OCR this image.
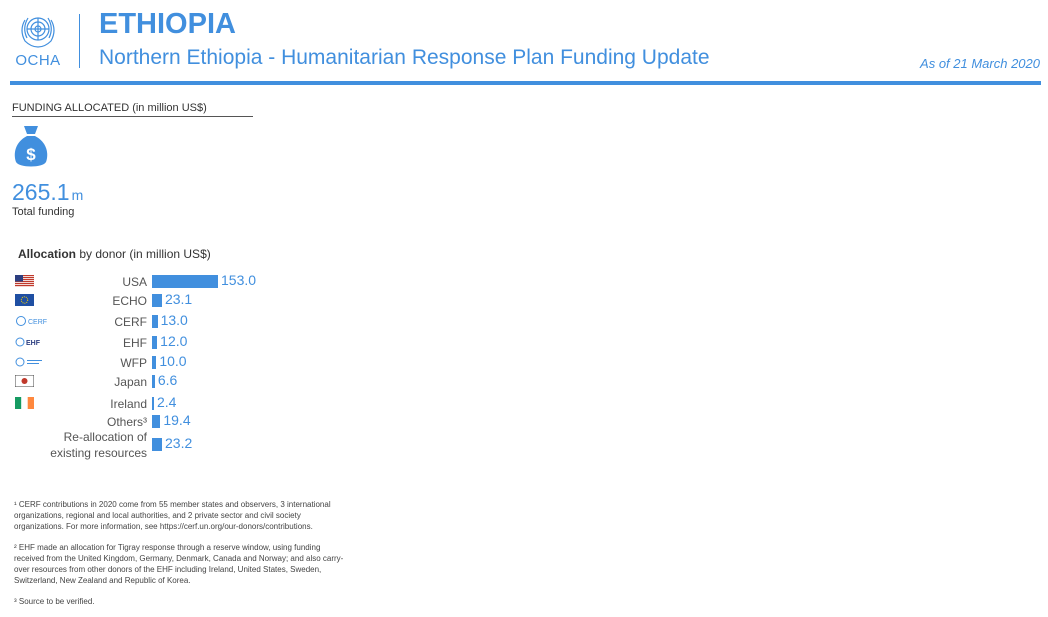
OCHA
ETHIOPIA
Northern Ethiopia - Humanitarian Response Plan Funding Update	As of 21 March 2020
FUNDING ALLOCATED (in million US$)
$
265.1 m
Total funding
Allocation by donor (in million US$)
USA	153.0
ECHO 23.1
CERF	CERF 13.0
EHF	EHF 12.0
WFP 10.0
Japan 6.6
Ireland 2.4
Others³ 19.4
Re-allocation of
existing resources
23.2

¹ CERF contributions in 2020 come from 55 member states and observers, 3 international organizations, regional and local authorities, and 2 private sector and civil society organizations. For more information, see https://cerf.un.org/our-donors/contributions.

² EHF made an allocation for Tigray response through a reserve window, using funding received from the United Kingdom, Germany, Denmark, Canada and Norway; and also carry-over resources from other donors of the EHF including Ireland, United States, Sweden, Switzerland, New Zealand and Republic of Korea.

³ Source to be verified.
